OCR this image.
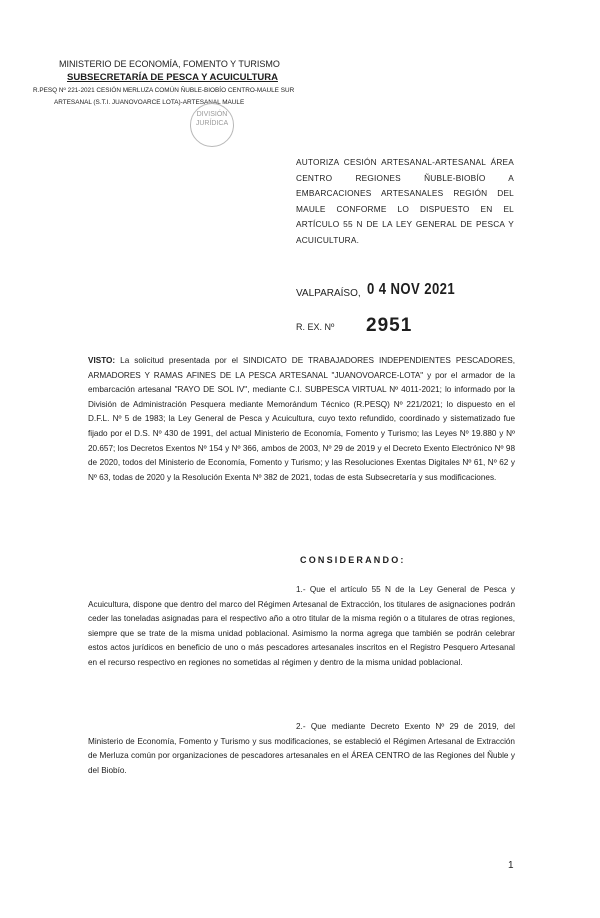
MINISTERIO DE ECONOMÍA, FOMENTO Y TURISMO
SUBSECRETARÍA DE PESCA Y ACUICULTURA
R.PESQ Nº 221-2021 CESIÓN MERLUZA COMÚN ÑUBLE-BIOBÍO CENTRO-MAULE SUR
ARTESANAL (S.T.I. JUANOVOARCE LOTA)-ARTESANAL MAULE
DIVISIÓN
JURÍDICA
AUTORIZA CESIÓN ARTESANAL-ARTESANAL ÁREA CENTRO REGIONES ÑUBLE-BIOBÍO A EMBARCACIONES ARTESANALES REGIÓN DEL MAULE CONFORME LO DISPUESTO EN EL ARTÍCULO 55 N DE LA LEY GENERAL DE PESCA Y ACUICULTURA.
VALPARAÍSO, 0 4 NOV 2021
R. EX. Nº 2951
VISTO: La solicitud presentada por el SINDICATO DE TRABAJADORES INDEPENDIENTES PESCADORES, ARMADORES Y RAMAS AFINES DE LA PESCA ARTESANAL "JUANOVOARCE-LOTA" y por el armador de la embarcación artesanal "RAYO DE SOL IV", mediante C.I. SUBPESCA VIRTUAL Nº 4011-2021; lo informado por la División de Administración Pesquera mediante Memorándum Técnico (R.PESQ) Nº 221/2021; lo dispuesto en el D.F.L. Nº 5 de 1983; la Ley General de Pesca y Acuicultura, cuyo texto refundido, coordinado y sistematizado fue fijado por el D.S. Nº 430 de 1991, del actual Ministerio de Economía, Fomento y Turismo; las Leyes Nº 19.880 y Nº 20.657; los Decretos Exentos Nº 154 y Nº 366, ambos de 2003, Nº 29 de 2019 y el Decreto Exento Electrónico Nº 98 de 2020, todos del Ministerio de Economía, Fomento y Turismo; y las Resoluciones Exentas Digitales Nº 61, Nº 62 y Nº 63, todas de 2020 y la Resolución Exenta Nº 382 de 2021, todas de esta Subsecretaría y sus modificaciones.
CONSIDERANDO:
1.- Que el artículo 55 N de la Ley General de Pesca y Acuicultura, dispone que dentro del marco del Régimen Artesanal de Extracción, los titulares de asignaciones podrán ceder las toneladas asignadas para el respectivo año a otro titular de la misma región o a titulares de otras regiones, siempre que se trate de la misma unidad poblacional. Asimismo la norma agrega que también se podrán celebrar estos actos jurídicos en beneficio de uno o más pescadores artesanales inscritos en el Registro Pesquero Artesanal en el recurso respectivo en regiones no sometidas al régimen y dentro de la misma unidad poblacional.
2.- Que mediante Decreto Exento Nº 29 de 2019, del Ministerio de Economía, Fomento y Turismo y sus modificaciones, se estableció el Régimen Artesanal de Extracción de Merluza común por organizaciones de pescadores artesanales en el ÁREA CENTRO de las Regiones del Ñuble y del Biobío.
1
